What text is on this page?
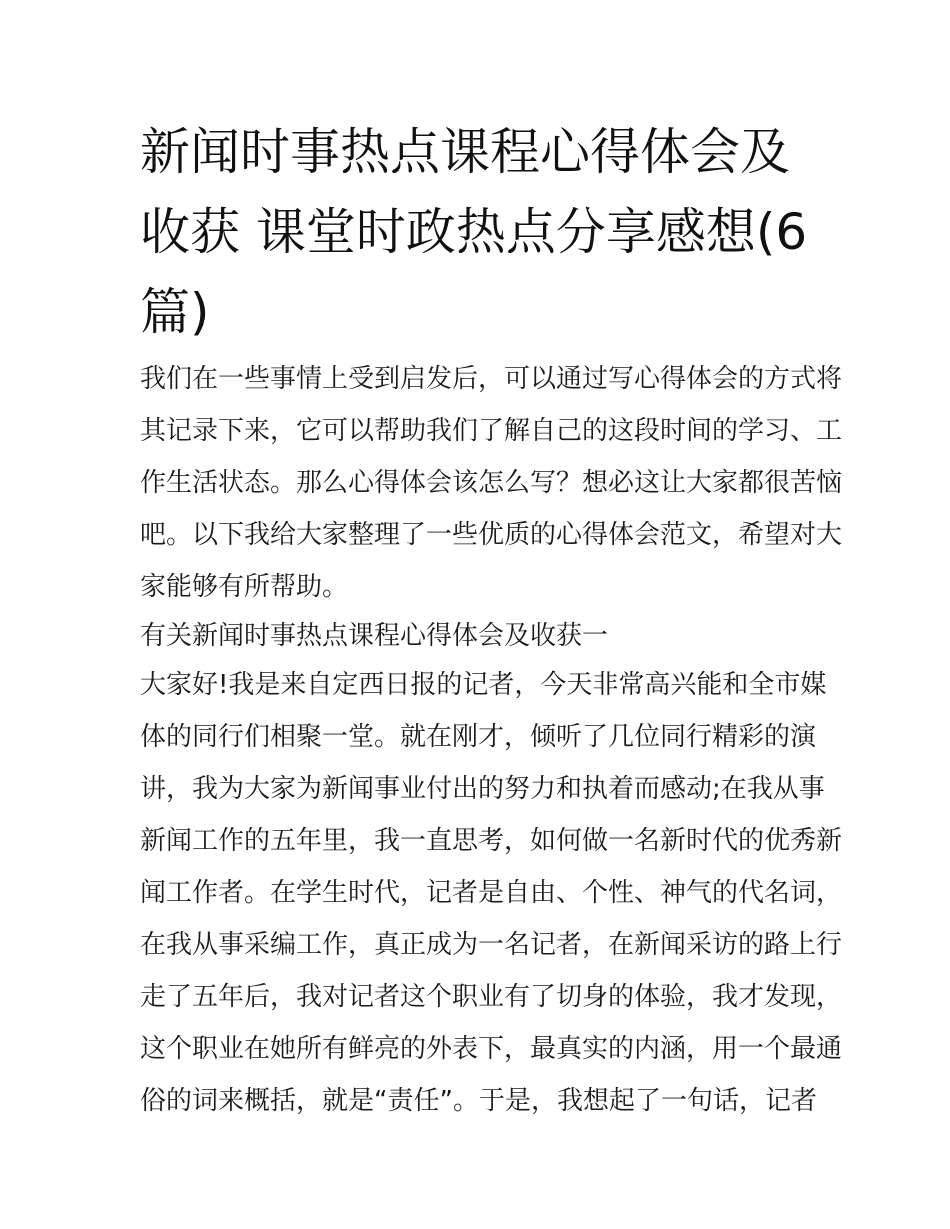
新闻时事热点课程心得体会及
收获 课堂时政热点分享感想(6
篇)
我们在一些事情上受到启发后，可以通过写心得体会的方式将
其记录下来，它可以帮助我们了解自己的这段时间的学习、工
作生活状态。那么心得体会该怎么写？想必这让大家都很苦恼
吧。以下我给大家整理了一些优质的心得体会范文，希望对大
家能够有所帮助。
有关新闻时事热点课程心得体会及收获一
大家好!我是来自定西日报的记者，今天非常高兴能和全市媒
体的同行们相聚一堂。就在刚才，倾听了几位同行精彩的演
讲，我为大家为新闻事业付出的努力和执着而感动;在我从事
新闻工作的五年里，我一直思考，如何做一名新时代的优秀新
闻工作者。在学生时代，记者是自由、个性、神气的代名词，
在我从事采编工作，真正成为一名记者，在新闻采访的路上行
走了五年后，我对记者这个职业有了切身的体验，我才发现，
这个职业在她所有鲜亮的外表下，最真实的内涵，用一个最通
俗的词来概括，就是“责任”。于是，我想起了一句话，记者
